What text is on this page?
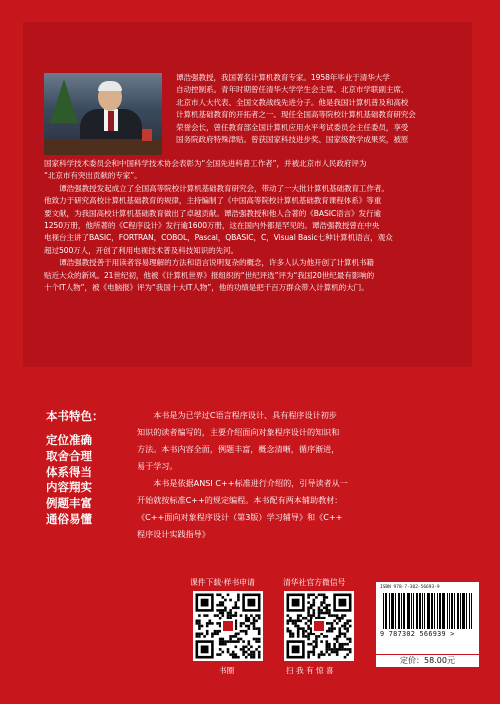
谭浩强教授，我国著名计算机教育专家。1958年毕业于清华大学
自动控制系。青年时期曾任清华大学学生会主席、北京市学联副主席、
北京市人大代表、全国文教战线先进分子。他是我国计算机普及和高校
计算机基础教育的开拓者之一。现任全国高等院校计算机基础教育研究会
荣誉会长，曾任教育部全国计算机应用水平考试委员会主任委员，享受
国务院政府特殊津贴。曾获国家科技进步奖、国家级教学成果奖，被原
国家科学技术委员会和中国科学技术协会表彰为“全国先进科普工作者”，并被北京市人民政府评为
“北京市有突出贡献的专家”。
谭浩强教授发起成立了全国高等院校计算机基础教育研究会，带动了一大批计算机基础教育工作者。
他致力于研究高校计算机基础教育的规律，主持编制了《中国高等院校计算机基础教育课程体系》等重
要文献，为我国高校计算机基础教育做出了卓越贡献。谭浩强教授和他人合著的《BASIC语言》发行逾
1250万册，他所著的《C程序设计》发行逾1600万册，这在国内外都是罕见的。谭浩强教授曾在中央
电视台主讲了BASIC，FORTRAN，COBOL，Pascal，QBASIC，C，Visual Basic七种计算机语言，观众
超过500万人，开创了利用电视技术普及科技知识的先河。
谭浩强教授善于用读者容易理解的方法和语言说明复杂的概念，许多人认为他开创了计算机书籍
贴近大众的新风。21世纪初，他被《计算机世界》报组织的“世纪评选”评为“我国20世纪最有影响的
十个IT人物”，被《电脑报》评为“我国十大IT人物”，他的功绩是把千百万群众带入计算机的大门。
本书特色：
定位准确
取舍合理
体系得当
内容翔实
例题丰富
通俗易懂
本书是为已学过C语言程序设计、具有程序设计初步
知识的读者编写的，主要介绍面向对象程序设计的知识和
方法。本书内容全面，例题丰富，概念清晰，循序渐进，
易于学习。
本书是依据ANSI C++标准进行介绍的，引导读者从一
开始就按标准C++的规定编程。本书配有两本辅助教材：
《C++面向对象程序设计（第3版）学习辅导》和《C++
程序设计实践指导》
课件下载·样书申请
书圈
清华社官方微信号
扫 我 有 惊 喜
ISBN 978-7-302-56693-9
9 787302 566939 >
定价：58.00元
